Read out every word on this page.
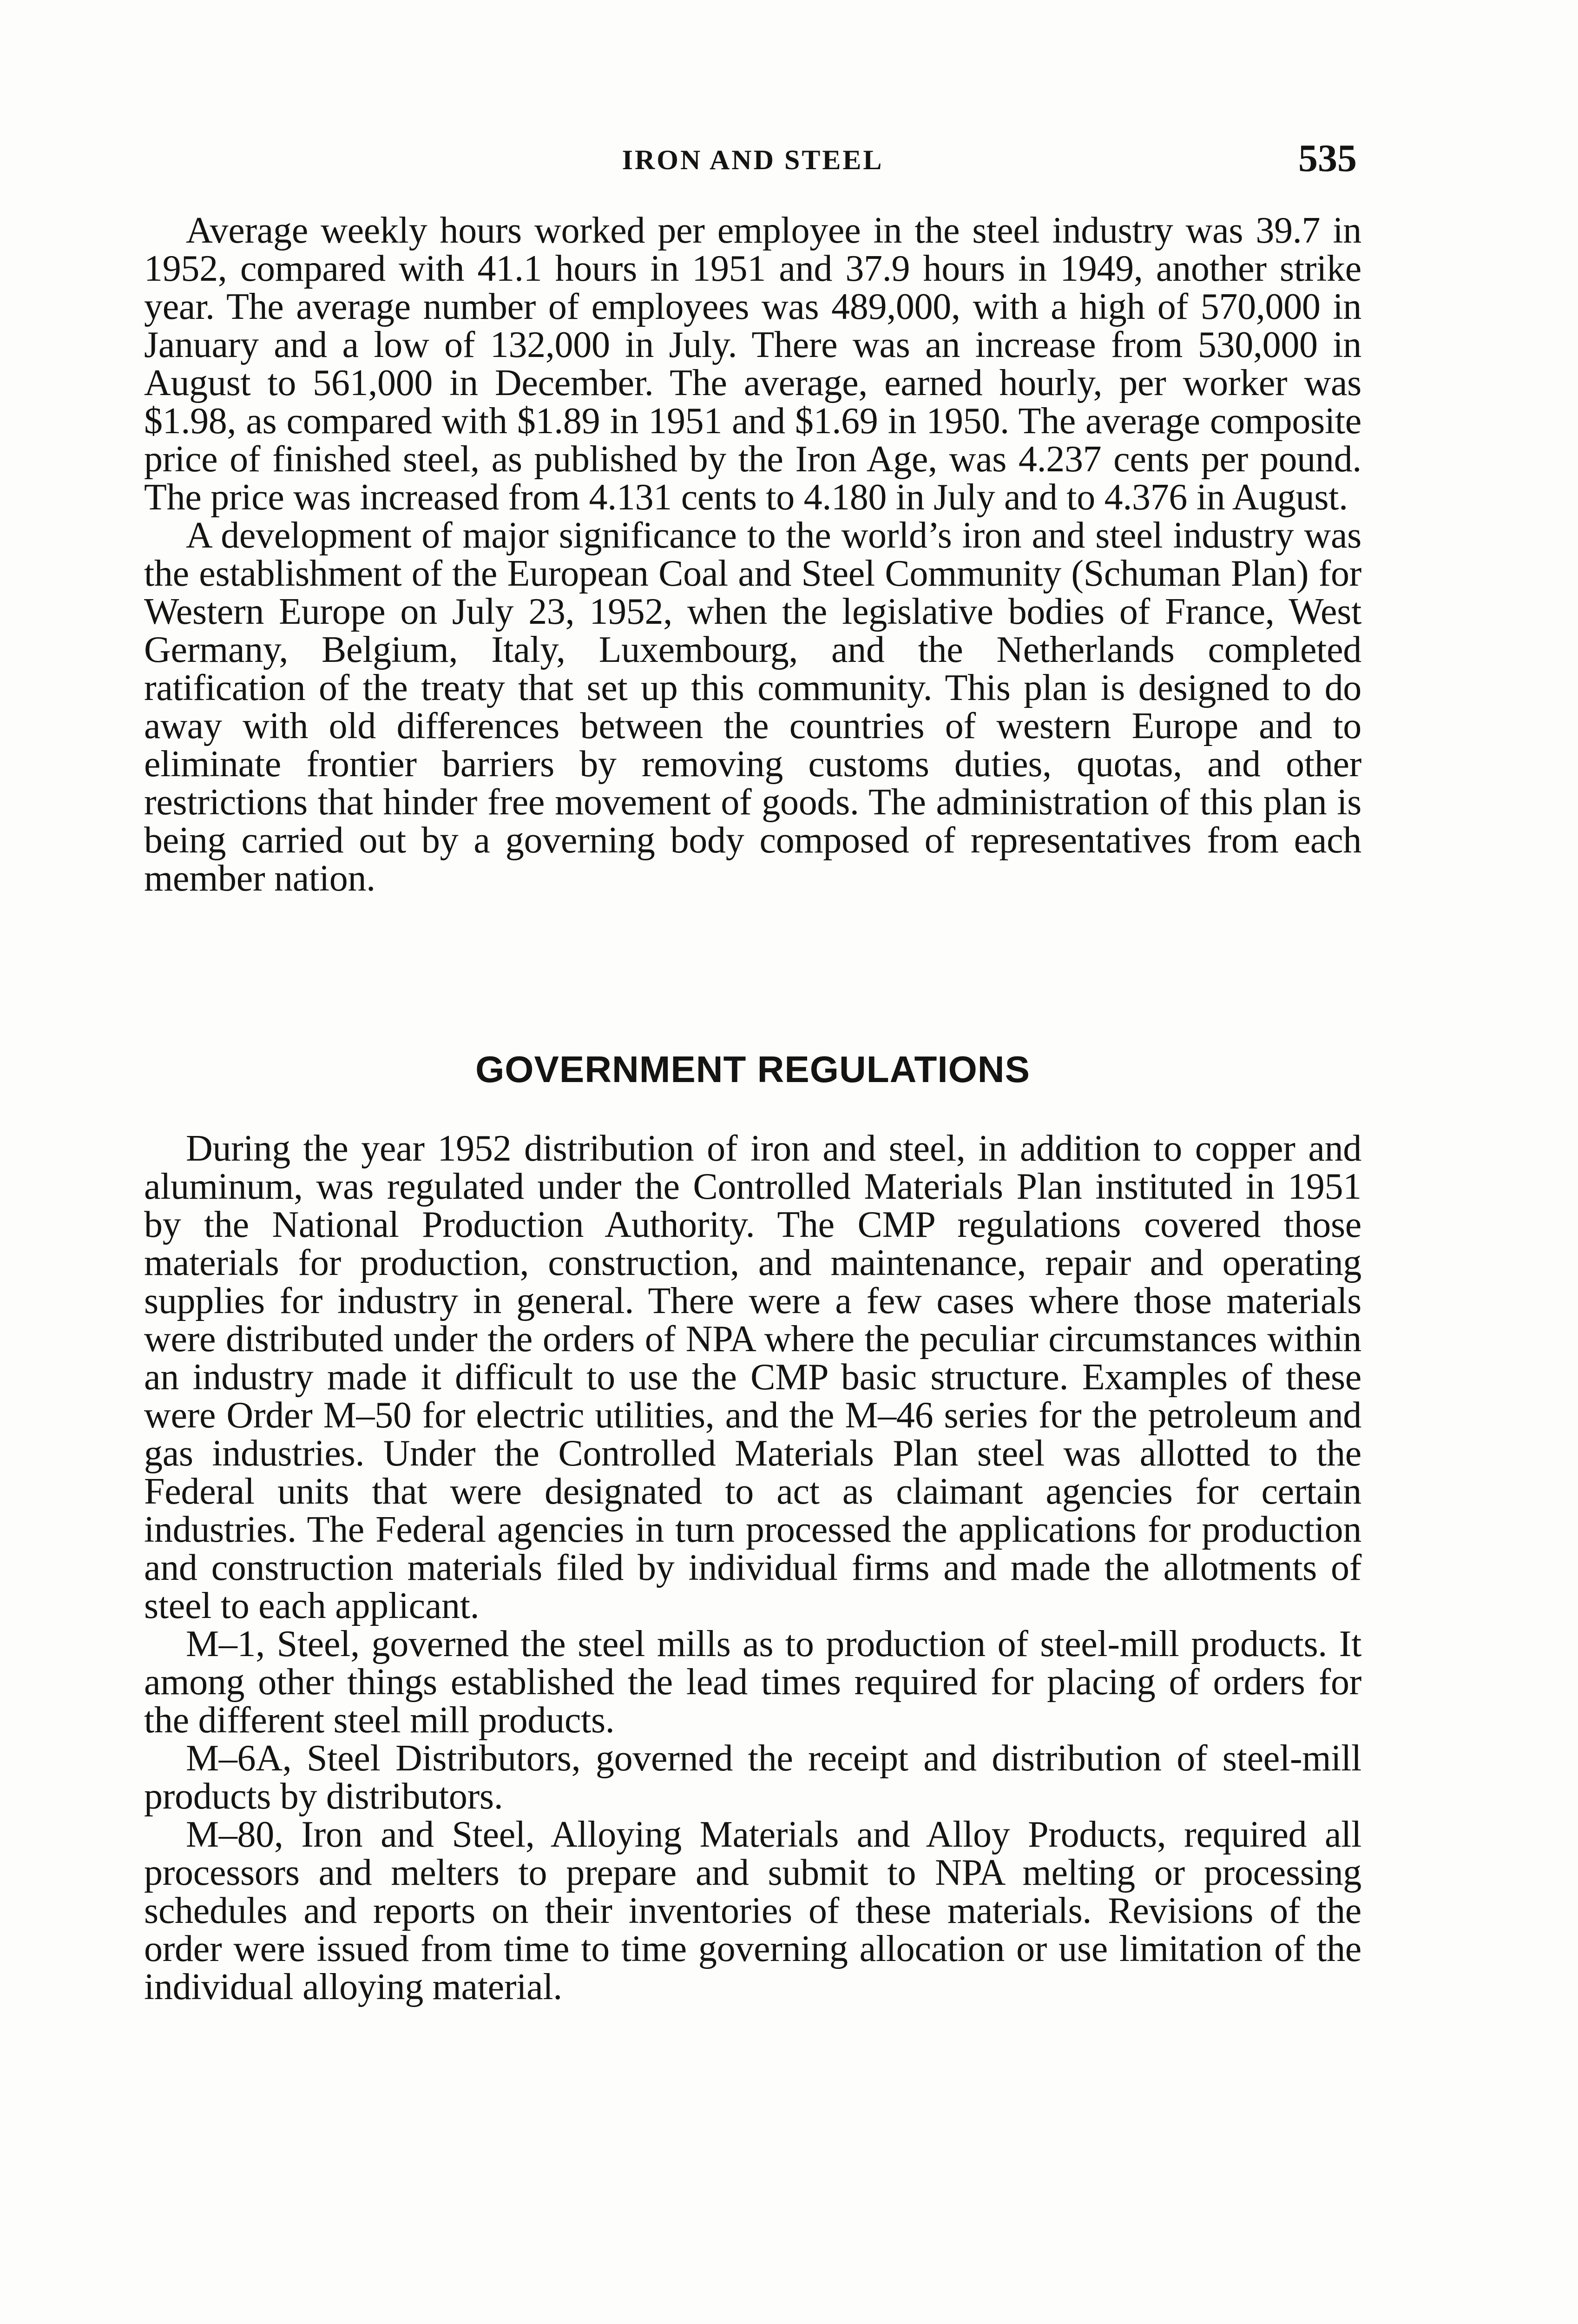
IRON AND STEEL	535

Average weekly hours worked per employee in the steel industry was 39.7 in 1952, compared with 41.1 hours in 1951 and 37.9 hours in 1949, another strike year. The average number of employees was 489,000, with a high of 570,000 in January and a low of 132,000 in July. There was an increase from 530,000 in August to 561,000 in December. The average, earned hourly, per worker was $1.98, as compared with $1.89 in 1951 and $1.69 in 1950. The average composite price of finished steel, as published by the Iron Age, was 4.237 cents per pound. The price was increased from 4.131 cents to 4.180 in July and to 4.376 in August.

A development of major significance to the world’s iron and steel industry was the establishment of the European Coal and Steel Community (Schuman Plan) for Western Europe on July 23, 1952, when the legislative bodies of France, West Germany, Belgium, Italy, Luxembourg, and the Netherlands completed ratification of the treaty that set up this community. This plan is designed to do away with old differences between the countries of western Europe and to eliminate frontier barriers by removing customs duties, quotas, and other restrictions that hinder free movement of goods. The administration of this plan is being carried out by a governing body composed of representatives from each member nation.

GOVERNMENT REGULATIONS

During the year 1952 distribution of iron and steel, in addition to copper and aluminum, was regulated under the Controlled Materials Plan instituted in 1951 by the National Production Authority. The CMP regulations covered those materials for production, construction, and maintenance, repair and operating supplies for industry in general. There were a few cases where those materials were distributed under the orders of NPA where the peculiar circumstances within an industry made it difficult to use the CMP basic structure. Examples of these were Order M–50 for electric utilities, and the M–46 series for the petroleum and gas industries. Under the Controlled Materials Plan steel was allotted to the Federal units that were designated to act as claimant agencies for certain industries. The Federal agencies in turn processed the applications for production and construction materials filed by individual firms and made the allotments of steel to each applicant.

M–1, Steel, governed the steel mills as to production of steel-mill products. It among other things established the lead times required for placing of orders for the different steel mill products.

M–6A, Steel Distributors, governed the receipt and distribution of steel-mill products by distributors.

M–80, Iron and Steel, Alloying Materials and Alloy Products, required all processors and melters to prepare and submit to NPA melting or processing schedules and reports on their inventories of these materials. Revisions of the order were issued from time to time governing allocation or use limitation of the individual alloying material.
